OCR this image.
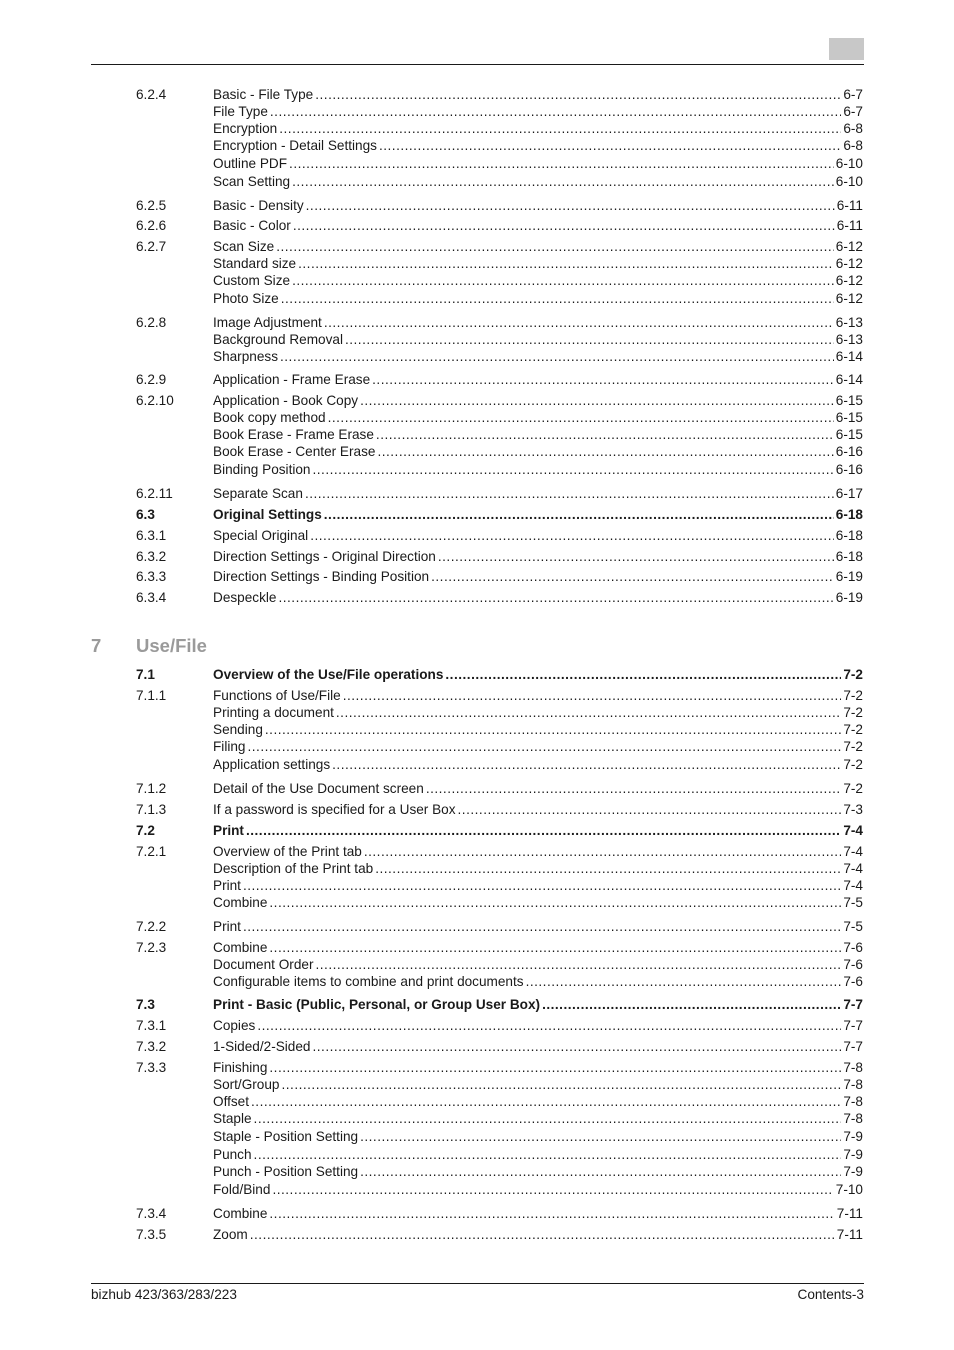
6.2.4	Basic - File Type .....	6-7
File Type .....	6-7
Encryption .....	6-8
Encryption - Detail Settings .....	6-8
Outline PDF .....	6-10
Scan Setting .....	6-10
6.2.5	Basic - Density .....	6-11
6.2.6	Basic - Color .....	6-11
6.2.7	Scan Size .....	6-12
Standard size .....	6-12
Custom Size .....	6-12
Photo Size .....	6-12
6.2.8	Image Adjustment .....	6-13
Background Removal .....	6-13
Sharpness .....	6-14
6.2.9	Application - Frame Erase .....	6-14
6.2.10	Application - Book Copy .....	6-15
Book copy method .....	6-15
Book Erase - Frame Erase .....	6-15
Book Erase - Center Erase .....	6-16
Binding Position .....	6-16
6.2.11	Separate Scan .....	6-17
6.3	Original Settings .....	6-18
6.3.1	Special Original .....	6-18
6.3.2	Direction Settings - Original Direction .....	6-18
6.3.3	Direction Settings - Binding Position .....	6-19
6.3.4	Despeckle .....	6-19
7 Use/File
7.1	Overview of the Use/File operations .....	7-2
7.1.1	Functions of Use/File .....	7-2
Printing a document .....	7-2
Sending .....	7-2
Filing .....	7-2
Application settings .....	7-2
7.1.2	Detail of the Use Document screen .....	7-2
7.1.3	If a password is specified for a User Box .....	7-3
7.2	Print .....	7-4
7.2.1	Overview of the Print tab .....	7-4
Description of the Print tab .....	7-4
Print .....	7-4
Combine .....	7-5
7.2.2	Print .....	7-5
7.2.3	Combine .....	7-6
Document Order .....	7-6
Configurable items to combine and print documents .....	7-6
7.3	Print - Basic (Public, Personal, or Group User Box) .....	7-7
7.3.1	Copies .....	7-7
7.3.2	1-Sided/2-Sided .....	7-7
7.3.3	Finishing .....	7-8
Sort/Group .....	7-8
Offset .....	7-8
Staple .....	7-8
Staple - Position Setting .....	7-9
Punch .....	7-9
Punch - Position Setting .....	7-9
Fold/Bind .....	7-10
7.3.4	Combine .....	7-11
7.3.5	Zoom .....	7-11
bizhub 423/363/283/223	Contents-3
